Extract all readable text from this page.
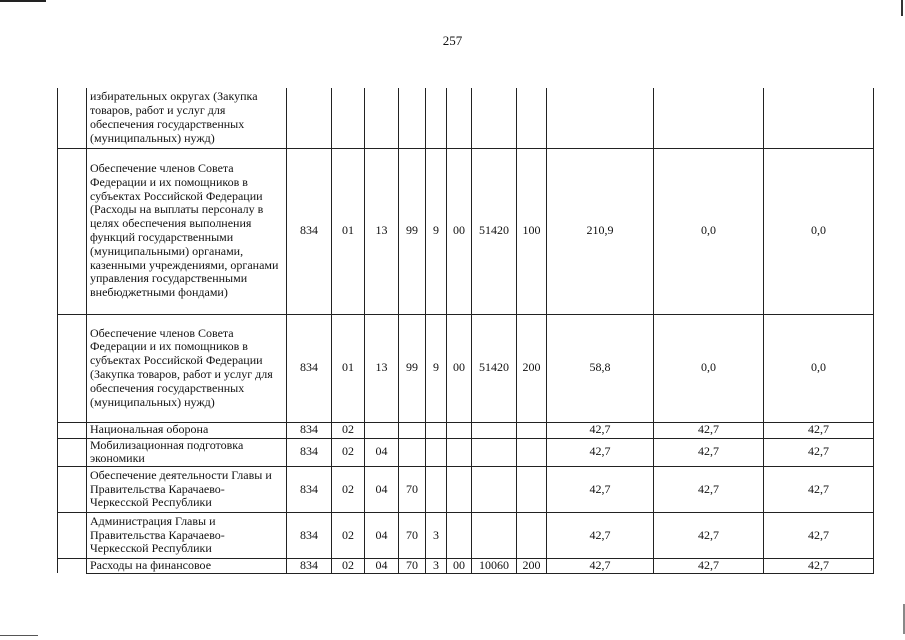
257
	избирательных округах (Закупка товаров, работ и услуг для обеспечения государственных (муниципальных) нужд)											
	Обеспечение членов Совета Федерации и их помощников в субъектах Российской Федерации (Расходы на выплаты персоналу в целях обеспечения выполнения функций государственными (муниципальными) органами, казенными учреждениями, органами управления государственными внебюджетными фондами)	834	01	13	99	9	00	51420	100	210,9	0,0	0,0
	Обеспечение членов Совета Федерации и их помощников в субъектах Российской Федерации (Закупка товаров, работ и услуг для обеспечения государственных (муниципальных) нужд)	834	01	13	99	9	00	51420	200	58,8	0,0	0,0
	Национальная оборона	834	02							42,7	42,7	42,7
	Мобилизационная подготовка экономики	834	02	04						42,7	42,7	42,7
	Обеспечение деятельности Главы и Правительства Карачаево-Черкесской Республики	834	02	04	70					42,7	42,7	42,7
	Администрация Главы и Правительства Карачаево-Черкесской Республики	834	02	04	70	3				42,7	42,7	42,7
	Расходы на финансовое	834	02	04	70	3	00	10060	200	42,7	42,7	42,7
